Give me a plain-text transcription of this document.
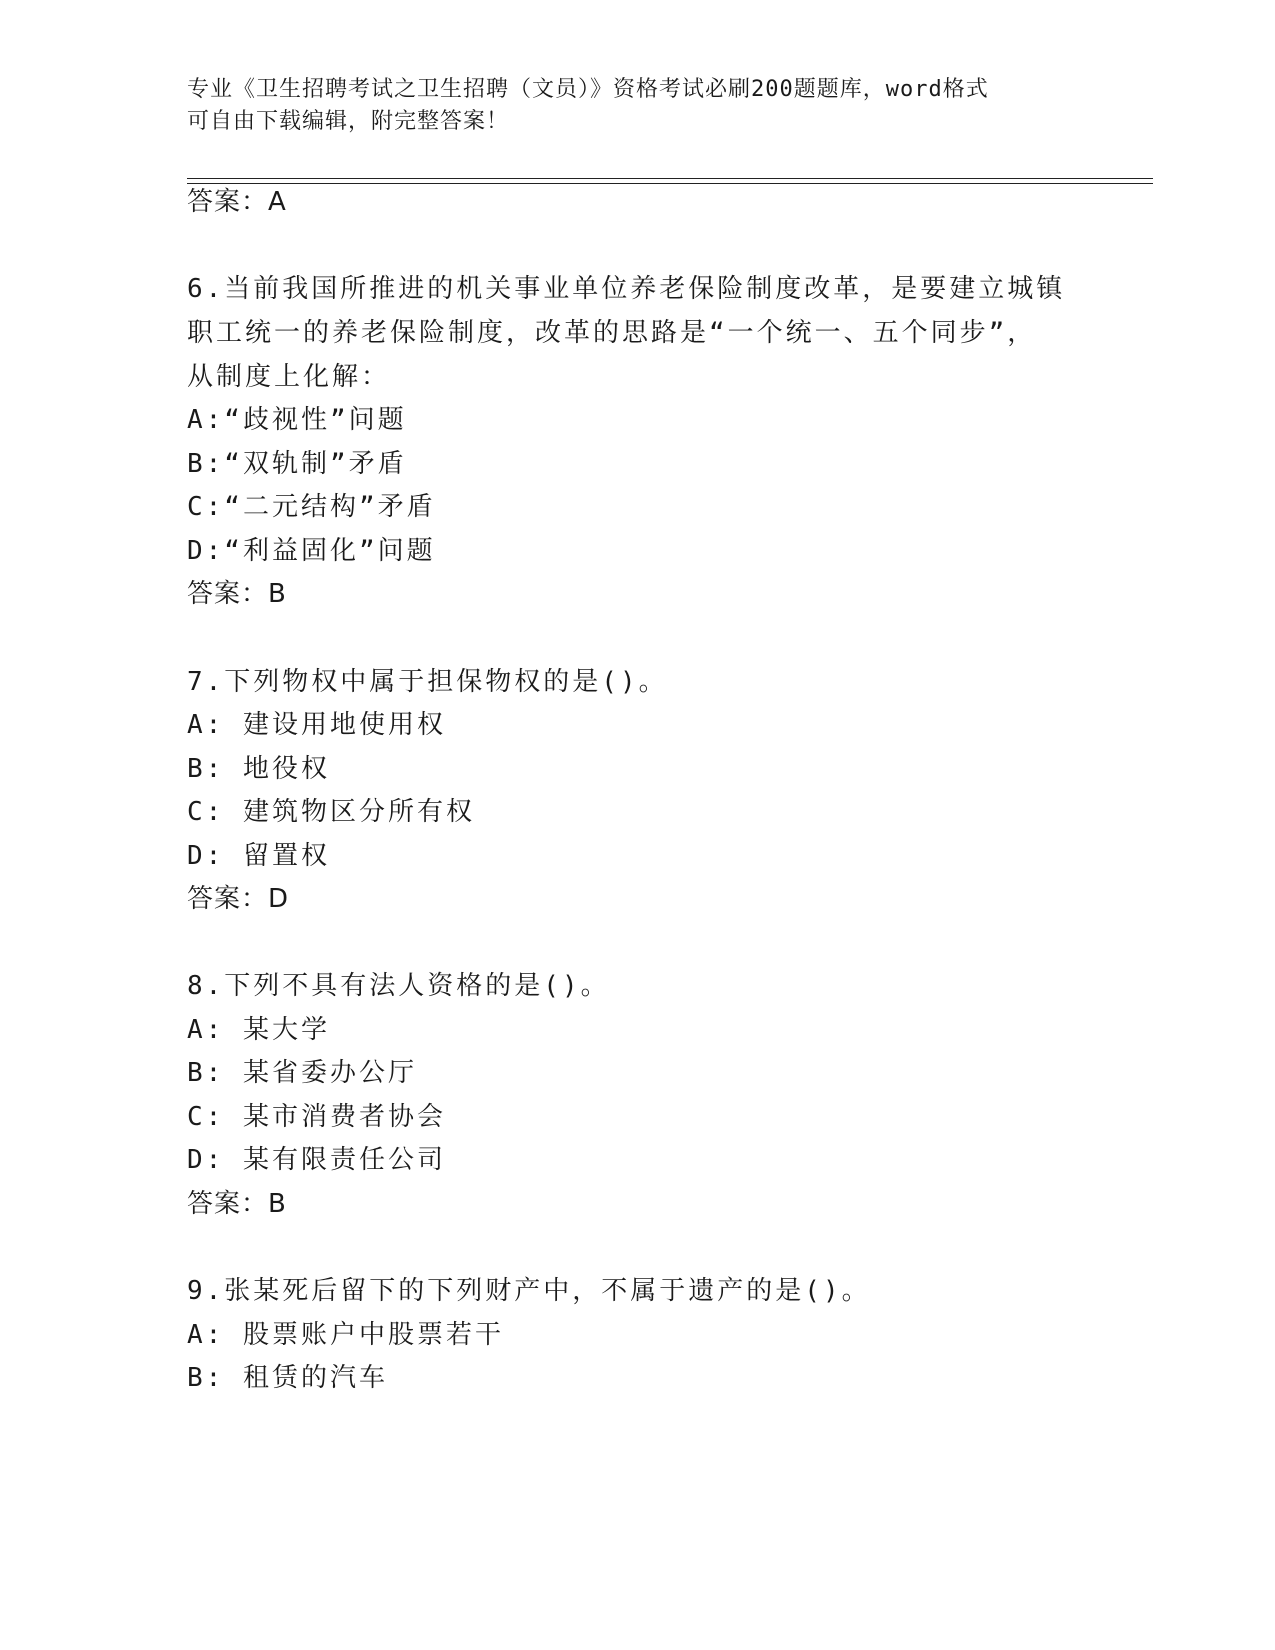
专业《卫生招聘考试之卫生招聘（文员）》资格考试必刷200题题库，word格式
可自由下载编辑，附完整答案！
答案：A
6.当前我国所推进的机关事业单位养老保险制度改革，是要建立城镇
职工统一的养老保险制度，改革的思路是“一个统一、五个同步”，
从制度上化解：
A:“歧视性”问题
B:“双轨制”矛盾
C:“二元结构”矛盾
D:“利益固化”问题
答案：B
7.下列物权中属于担保物权的是()。
A: 建设用地使用权
B: 地役权
C: 建筑物区分所有权
D: 留置权
答案：D
8.下列不具有法人资格的是()。
A: 某大学
B: 某省委办公厅
C: 某市消费者协会
D: 某有限责任公司
答案：B
9.张某死后留下的下列财产中，不属于遗产的是()。
A: 股票账户中股票若干
B: 租赁的汽车
